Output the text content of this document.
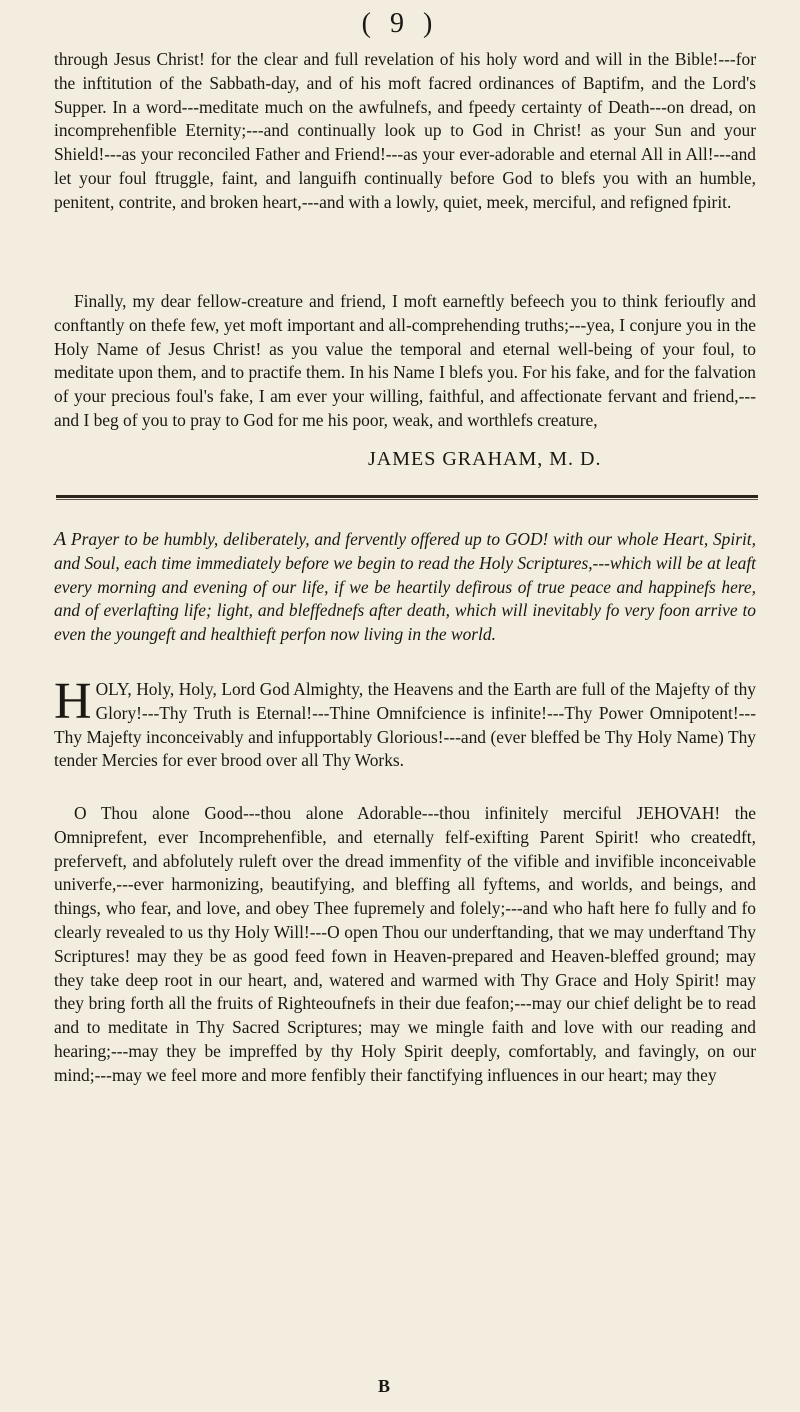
( 9 )

through Jesus Christ! for the clear and full revelation of his holy word and will in the Bible!---for the inftitution of the Sabbath-day, and of his moft facred ordinances of Baptifm, and the Lord's Supper. In a word---meditate much on the awfulnefs, and fpeedy certainty of Death---on dread, on incomprehenfible Eternity;---and continually look up to God in Christ! as your Sun and your Shield!---as your reconciled Father and Friend!---as your ever-adorable and eternal All in All!---and let your foul ftruggle, faint, and languifh continually before God to blefs you with an humble, penitent, contrite, and broken heart,---and with a lowly, quiet, meek, merciful, and refigned fpirit.

Finally, my dear fellow-creature and friend, I moft earneftly befeech you to think ferioufly and conftantly on thefe few, yet moft important and all-comprehending truths;---yea, I conjure you in the Holy Name of Jesus Christ! as you value the temporal and eternal well-being of your foul, to meditate upon them, and to practife them. In his Name I blefs you. For his fake, and for the falvation of your precious foul's fake, I am ever your willing, faithful, and affectionate fervant and friend,---and I beg of you to pray to God for me his poor, weak, and worthlefs creature,

JAMES GRAHAM, M. D.

A Prayer to be humbly, deliberately, and fervently offered up to GOD! with our whole Heart, Spirit, and Soul, each time immediately before we begin to read the Holy Scriptures,---which will be at leaft every morning and evening of our life, if we be heartily defirous of true peace and happinefs here, and of everlafting life; light, and bleffednefs after death, which will inevitably fo very foon arrive to even the youngeft and healthieft perfon now living in the world.

HOLY, Holy, Holy, Lord God Almighty, the Heavens and the Earth are full of the Majefty of thy Glory!---Thy Truth is Eternal!---Thine Omnifcience is infinite!---Thy Power Omnipotent!---Thy Majefty inconceivably and infupportably Glorious!---and (ever bleffed be Thy Holy Name) Thy tender Mercies for ever brood over all Thy Works.

O Thou alone Good---thou alone Adorable---thou infinitely merciful JEHOVAH! the Omniprefent, ever Incomprehenfible, and eternally felf-exifting Parent Spirit! who createdft, preferveft, and abfolutely ruleft over the dread immenfity of the vifible and invifible inconceivable univerfe,---ever harmonizing, beautifying, and bleffing all fyftems, and worlds, and beings, and things, who fear, and love, and obey Thee fupremely and folely;---and who haft here fo fully and fo clearly revealed to us thy Holy Will!---O open Thou our underftanding, that we may underftand Thy Scriptures! may they be as good feed fown in Heaven-prepared and Heaven-bleffed ground; may they take deep root in our heart, and, watered and warmed with Thy Grace and Holy Spirit! may they bring forth all the fruits of Righteoufnefs in their due feafon;---may our chief delight be to read and to meditate in Thy Sacred Scriptures; may we mingle faith and love with our reading and hearing;---may they be impreffed by thy Holy Spirit deeply, comfortably, and favingly, on our mind;---may we feel more and more fenfibly their fanctifying influences in our heart; may they

B
